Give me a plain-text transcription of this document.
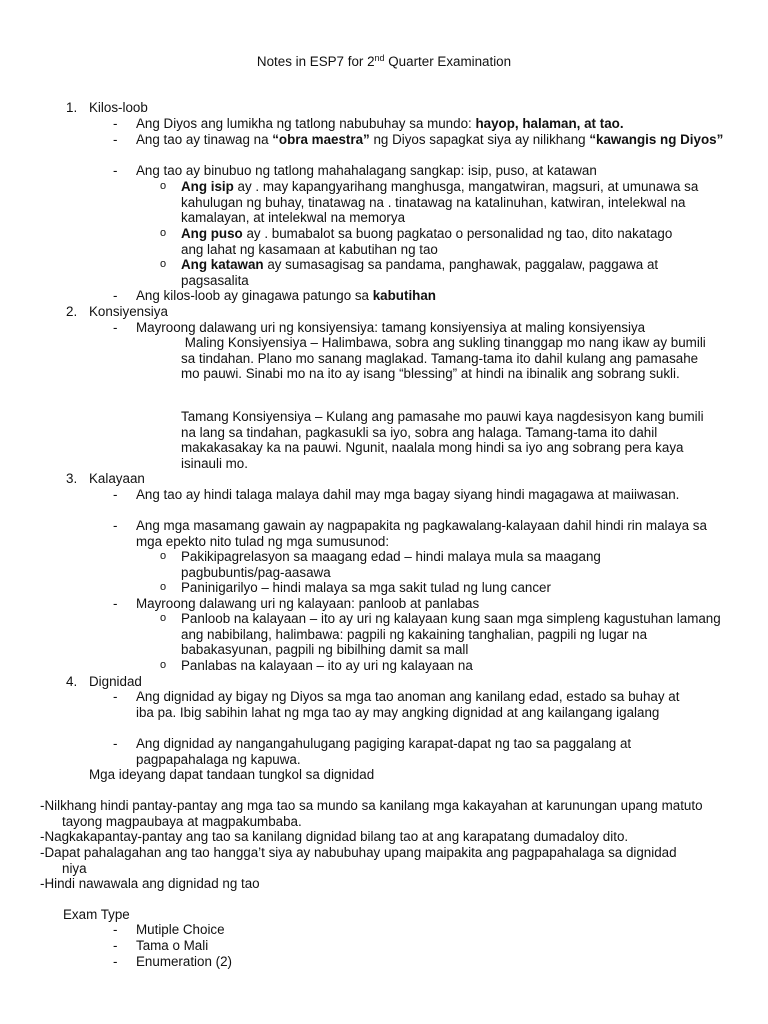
Notes in ESP7 for 2nd Quarter Examination
1. Kilos-loob
- Ang Diyos ang lumikha ng tatlong nabubuhay sa mundo: hayop, halaman, at tao.
- Ang tao ay tinawag na “obra maestra” ng Diyos sapagkat siya ay nilikhang “kawangis ng Diyos”
- Ang tao ay binubuo ng tatlong mahahalagang sangkap: isip, puso, at katawan
o Ang isip ay . may kapangyarihang manghusga, mangatwiran, magsuri, at umunawa sa kahulugan ng buhay, tinatawag na . tinatawag na katalinuhan, katwiran, intelekwal na kamalayan, at intelekwal na memorya
o Ang puso ay . bumabalot sa buong pagkatao o personalidad ng tao, dito nakatago ang lahat ng kasamaan at kabutihan ng tao
o Ang katawan ay sumasagisag sa pandama, panghawak, paggalaw, paggawa at pagsasalita
- Ang kilos-loob ay ginagawa patungo sa kabutihan
2. Konsiyensiya
- Mayroong dalawang uri ng konsiyensiya: tamang konsiyensiya at maling konsiyensiya
Maling Konsiyensiya – Halimbawa, sobra ang sukling tinanggap mo nang ikaw ay bumili sa tindahan. Plano mo sanang maglakad. Tamang-tama ito dahil kulang ang pamasahe mo pauwi. Sinabi mo na ito ay isang “blessing” at hindi na ibinalik ang sobrang sukli.
Tamang Konsiyensiya – Kulang ang pamasahe mo pauwi kaya nagdesisyon kang bumili na lang sa tindahan, pagkasukli sa iyo, sobra ang halaga. Tamang-tama ito dahil makakasakay ka na pauwi. Ngunit, naalala mong hindi sa iyo ang sobrang pera kaya isinauli mo.
3. Kalayaan
- Ang tao ay hindi talaga malaya dahil may mga bagay siyang hindi magagawa at maiiwasan.
- Ang mga masamang gawain ay nagpapakita ng pagkawalang-kalayaan dahil hindi rin malaya sa mga epekto nito tulad ng mga sumusunod:
o Pakikipagrelasyon sa maagang edad – hindi malaya mula sa maagang pagbubuntis/pag-aasawa
o Paninigarilyo – hindi malaya sa mga sakit tulad ng lung cancer
- Mayroong dalawang uri ng kalayaan: panloob at panlabas
o Panloob na kalayaan – ito ay uri ng kalayaan kung saan mga simpleng kagustuhan lamang ang nabibilang, halimbawa: pagpili ng kakaining tanghalian, pagpili ng lugar na babakasyunan, pagpili ng bibilhing damit sa mall
o Panlabas na kalayaan – ito ay uri ng kalayaan na
4. Dignidad
- Ang dignidad ay bigay ng Diyos sa mga tao anoman ang kanilang edad, estado sa buhay at iba pa. Ibig sabihin lahat ng mga tao ay may angking dignidad at ang kailangang igalang
- Ang dignidad ay nangangahulugang pagiging karapat-dapat ng tao sa paggalang at pagpapahalaga ng kapuwa.
Mga ideyang dapat tandaan tungkol sa dignidad
-Nilkhang hindi pantay-pantay ang mga tao sa mundo sa kanilang mga kakayahan at karunungan upang matuto tayong magpaubaya at magpakumbaba.
-Nagkakapantay-pantay ang tao sa kanilang dignidad bilang tao at ang karapatang dumadaloy dito.
-Dapat pahalagahan ang tao hangga’t siya ay nabubuhay upang maipakita ang pagpapahalaga sa dignidad niya
-Hindi nawawala ang dignidad ng tao
Exam Type
- Mutiple Choice
- Tama o Mali
- Enumeration (2)
